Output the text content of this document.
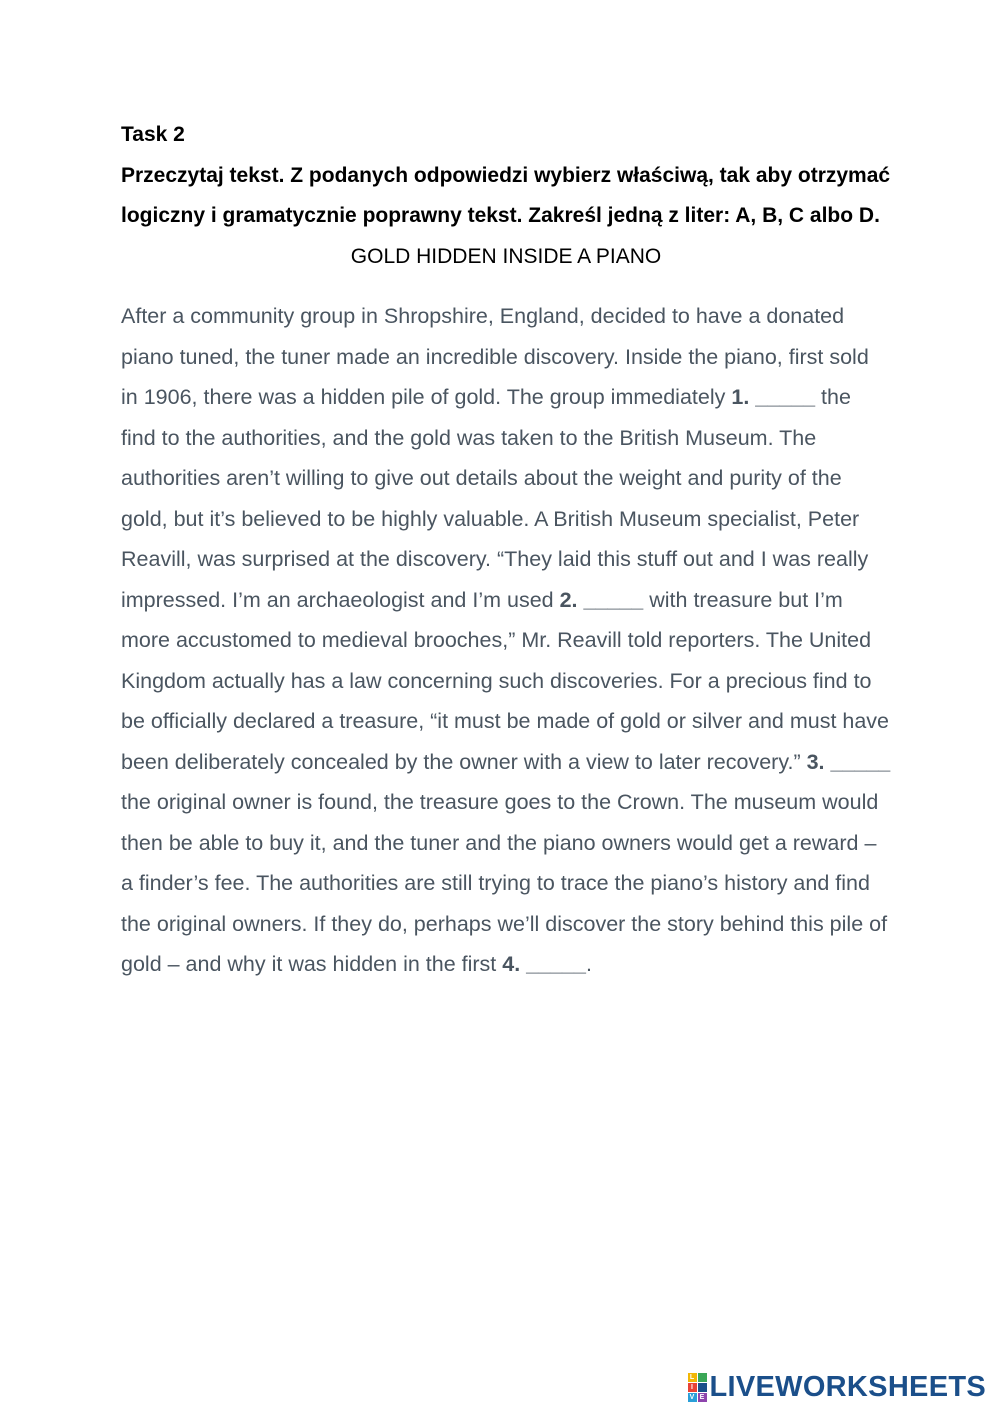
Task 2

Przeczytaj tekst. Z podanych odpowiedzi wybierz właściwą, tak aby otrzymać logiczny i gramatycznie poprawny tekst. Zakreśl jedną z liter: A, B, C albo D.

GOLD HIDDEN INSIDE A PIANO

After a community group in Shropshire, England, decided to have a donated piano tuned, the tuner made an incredible discovery. Inside the piano, first sold in 1906, there was a hidden pile of gold. The group immediately 1. _____ the find to the authorities, and the gold was taken to the British Museum. The authorities aren’t willing to give out details about the weight and purity of the gold, but it’s believed to be highly valuable. A British Museum specialist, Peter Reavill, was surprised at the discovery. “They laid this stuff out and I was really impressed. I’m an archaeologist and I’m used 2. _____ with treasure but I’m more accustomed to medieval brooches,” Mr. Reavill told reporters. The United Kingdom actually has a law concerning such discoveries. For a precious find to be officially declared a treasure, “it must be made of gold or silver and must have been deliberately concealed by the owner with a view to later recovery.” 3. _____ the original owner is found, the treasure goes to the Crown. The museum would then be able to buy it, and the tuner and the piano owners would get a reward – a finder’s fee. The authorities are still trying to trace the piano’s history and find the original owners. If they do, perhaps we’ll discover the story behind this pile of gold – and why it was hidden in the first 4. _____.
L
I
V E LIVEWORKSHEETS
